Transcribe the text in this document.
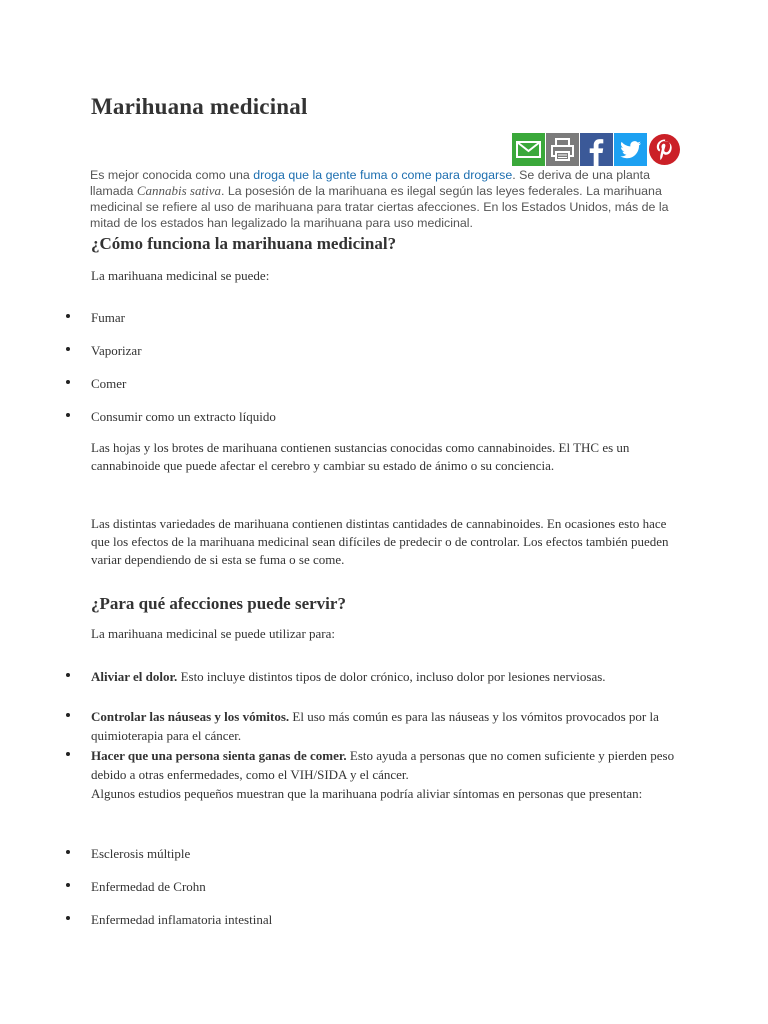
Marihuana medicinal

Es mejor conocida como una droga que la gente fuma o come para drogarse. Se deriva de una planta llamada Cannabis sativa. La posesión de la marihuana es ilegal según las leyes federales. La marihuana medicinal se refiere al uso de marihuana para tratar ciertas afecciones. En los Estados Unidos, más de la mitad de los estados han legalizado la marihuana para uso medicinal.

¿Cómo funciona la marihuana medicinal?

La marihuana medicinal se puede:

Fumar
Vaporizar
Comer
Consumir como un extracto líquido

Las hojas y los brotes de marihuana contienen sustancias conocidas como cannabinoides. El THC es un cannabinoide que puede afectar el cerebro y cambiar su estado de ánimo o su conciencia.

Las distintas variedades de marihuana contienen distintas cantidades de cannabinoides. En ocasiones esto hace que los efectos de la marihuana medicinal sean difíciles de predecir o de controlar. Los efectos también pueden variar dependiendo de si esta se fuma o se come.

¿Para qué afecciones puede servir?

La marihuana medicinal se puede utilizar para:

Aliviar el dolor. Esto incluye distintos tipos de dolor crónico, incluso dolor por lesiones nerviosas.
Controlar las náuseas y los vómitos. El uso más común es para las náuseas y los vómitos provocados por la quimioterapia para el cáncer.
Hacer que una persona sienta ganas de comer. Esto ayuda a personas que no comen suficiente y pierden peso debido a otras enfermedades, como el VIH/SIDA y el cáncer.
Algunos estudios pequeños muestran que la marihuana podría aliviar síntomas en personas que presentan:
Esclerosis múltiple
Enfermedad de Crohn
Enfermedad inflamatoria intestinal
